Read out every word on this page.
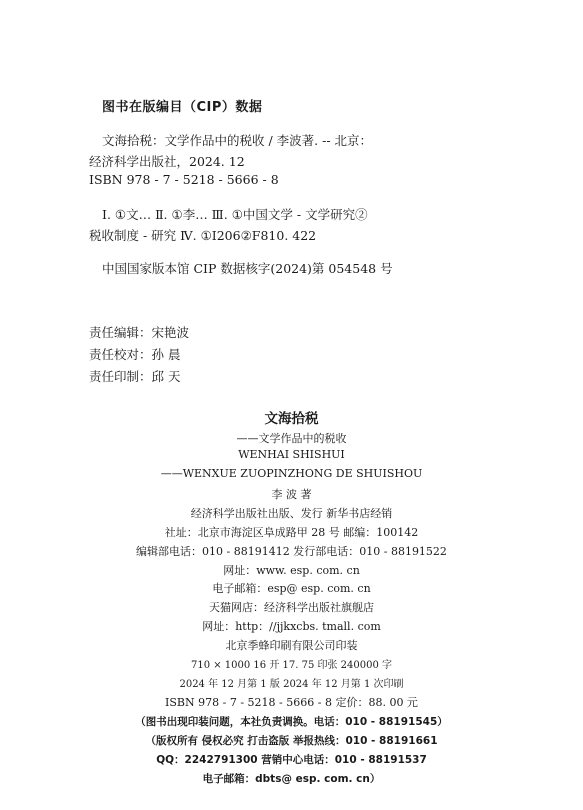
图书在版编目（CIP）数据
文海拾税：文学作品中的税收 / 李波著. -- 北京：
经济科学出版社，2024. 12
ISBN 978 - 7 - 5218 - 5666 - 8
Ⅰ. ①文… Ⅱ. ①李… Ⅲ. ①中国文学 - 文学研究②
税收制度 - 研究 Ⅳ. ①I206②F810. 422
中国国家版本馆 CIP 数据核字(2024)第 054548 号
责任编辑：宋艳波
责任校对：孙 晨
责任印制：邱 天
文海拾税
——文学作品中的税收
WENHAI SHISHUI
——WENXUE ZUOPINZHONG DE SHUISHOU
李 波 著
经济科学出版社出版、发行 新华书店经销
社址：北京市海淀区阜成路甲 28 号 邮编：100142
编辑部电话：010 - 88191412 发行部电话：010 - 88191522
网址：www. esp. com. cn
电子邮箱：esp@ esp. com. cn
天猫网店：经济科学出版社旗舰店
网址：http：//jjkxcbs. tmall. com
北京季蜂印刷有限公司印装
710 × 1000 16 开 17. 75 印张 240000 字
2024 年 12 月第 1 版 2024 年 12 月第 1 次印刷
ISBN 978 - 7 - 5218 - 5666 - 8 定价：88. 00 元
（图书出现印装问题，本社负责调换。电话：010 - 88191545）
（版权所有 侵权必究 打击盗版 举报热线：010 - 88191661
QQ：2242791300 营销中心电话：010 - 88191537
电子邮箱：dbts@ esp. com. cn）
